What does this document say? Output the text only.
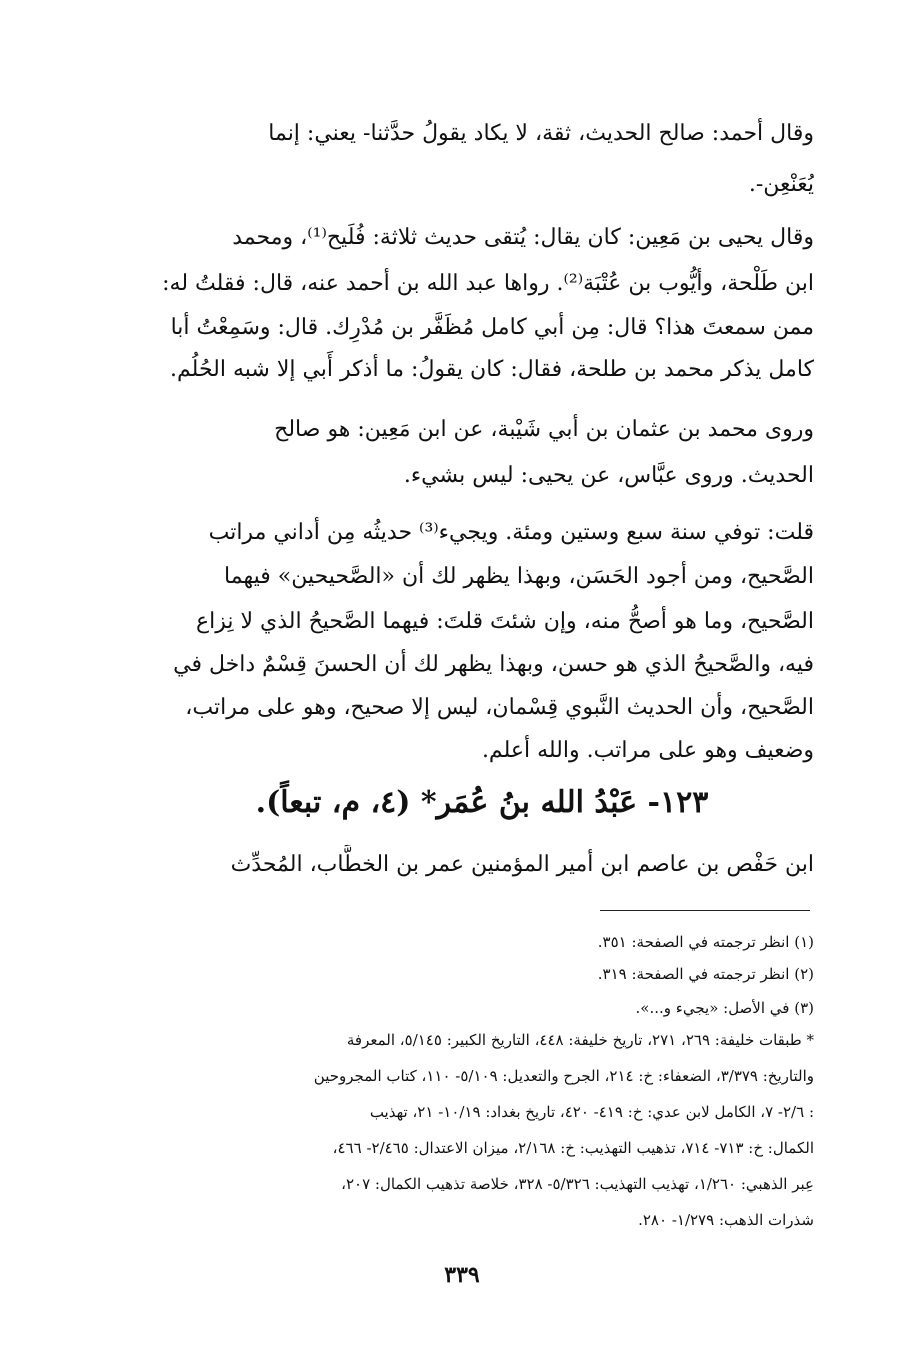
وقال أحمد: صالح الحديث، ثقة، لا يكاد يقولُ حدَّثنا- يعني: إنما
يُعَنْعِن-.
وقال يحيى بن مَعِين: كان يقال: يُتقى حديث ثلاثة: فُلَيح⁽¹⁾، ومحمد
ابن طَلْحة، وأيُّوب بن عُتْبَة⁽²⁾. رواها عبد الله بن أحمد عنه، قال: فقلتُ له:
ممن سمعتَ هذا؟ قال: مِن أبي كامل مُظَفَّر بن مُدْرِك. قال: وسَمِعْتُ أبا
كامل يذكر محمد بن طلحة، فقال: كان يقولُ: ما أذكر أَبي إلا شبه الحُلُم.
وروى محمد بن عثمان بن أبي شَيْبة، عن ابن مَعِين: هو صالح
الحديث. وروى عبَّاس، عن يحيى: ليس بشيء.
قلت: توفي سنة سبع وستين ومئة. ويجيء⁽³⁾ حديثُه مِن أداني مراتب
الصَّحيح، ومن أجود الحَسَن، وبهذا يظهر لك أن «الصَّحيحين» فيهما
الصَّحيح، وما هو أصحُّ منه، وإن شئتَ قلتَ: فيهما الصَّحيحُ الذي لا نِزاع
فيه، والصَّحيحُ الذي هو حسن، وبهذا يظهر لك أن الحسنَ قِسْمٌ داخل في
الصَّحيح، وأن الحديث النَّبوي قِسْمان، ليس إلا صحيح، وهو على مراتب،
وضعيف وهو على مراتب. والله أعلم.
١٢٣- عَبْدُ الله بنُ عُمَر* (٤، م، تبعاً).
ابن حَفْص بن عاصم ابن أمير المؤمنين عمر بن الخطَّاب، المُحدِّث
(١) انظر ترجمته في الصفحة: ٣٥١.
(٢) انظر ترجمته في الصفحة: ٣١٩.
(٣) في الأصل: «يجيء و...».
* طبقات خليفة: ٢٦٩، ٢٧١، تاريخ خليفة: ٤٤٨، التاريخ الكبير: ٥/١٤٥، المعرفة
والتاريخ: ٣/٣٧٩، الضعفاء: خ: ٢١٤، الجرح والتعديل: ٥/١٠٩- ١١٠، كتاب المجروحين
: ٢/٦- ٧، الكامل لابن عدي: خ: ٤١٩- ٤٢٠، تاريخ بغداد: ١٠/١٩- ٢١، تهذيب
الكمال: خ: ٧١٣- ٧١٤، تذهيب التهذيب: خ: ٢/١٦٨، ميزان الاعتدال: ٢/٤٦٥- ٤٦٦،
عِبر الذهبي: ١/٢٦٠، تهذيب التهذيب: ٥/٣٢٦- ٣٢٨، خلاصة تذهيب الكمال: ٢٠٧،
شذرات الذهب: ١/٢٧٩- ٢٨٠.
٣٣٩
